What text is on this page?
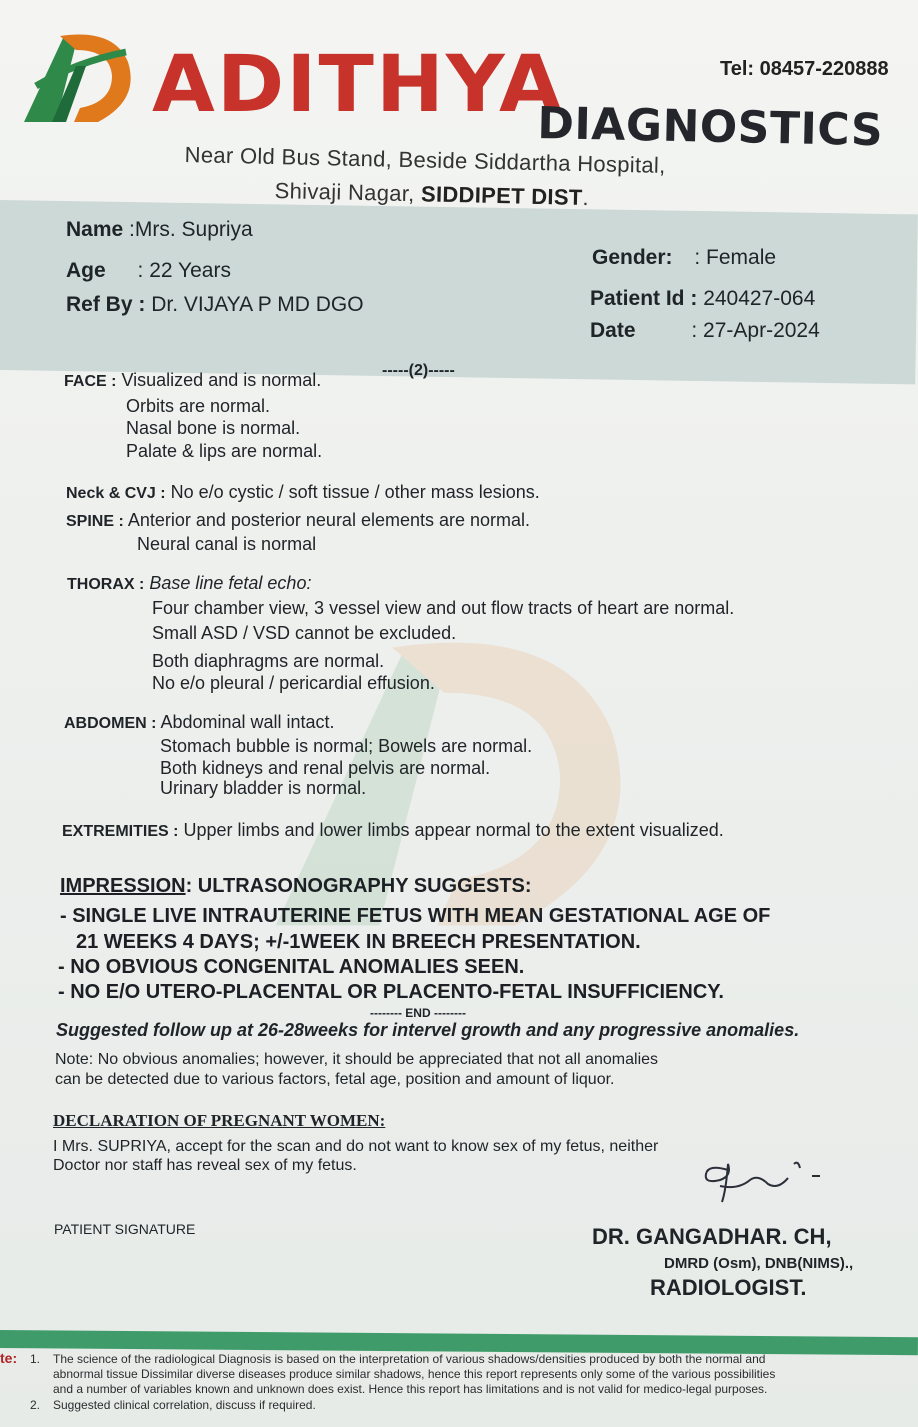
ADITHYA
DIAGNOSTICS
Tel: 08457-220888
Near Old Bus Stand, Beside Siddartha Hospital,
Shivaji Nagar, SIDDIPET DIST.
Name :Mrs. Supriya
Age : 22 Years
Ref By : Dr. VIJAYA P MD DGO
Gender: : Female
Patient Id : 240427-064
Date	: 27-Apr-2024
-----(2)-----
FACE : Visualized and is normal.
Orbits are normal.
Nasal bone is normal.
Palate & lips are normal.
Neck & CVJ : No e/o cystic / soft tissue / other mass lesions.
SPINE : Anterior and posterior neural elements are normal.
Neural canal is normal
THORAX : Base line fetal echo:
Four chamber view, 3 vessel view and out flow tracts of heart are normal.
Small ASD / VSD cannot be excluded.
Both diaphragms are normal.
No e/o pleural / pericardial effusion.
ABDOMEN : Abdominal wall intact.
Stomach bubble is normal; Bowels are normal.
Both kidneys and renal pelvis are normal.
Urinary bladder is normal.
EXTREMITIES : Upper limbs and lower limbs appear normal to the extent visualized.
IMPRESSION: ULTRASONOGRAPHY SUGGESTS:
- SINGLE LIVE INTRAUTERINE FETUS WITH MEAN GESTATIONAL AGE OF
21 WEEKS 4 DAYS; +/-1WEEK IN BREECH PRESENTATION.
- NO OBVIOUS CONGENITAL ANOMALIES SEEN.
- NO E/O UTERO-PLACENTAL OR PLACENTO-FETAL INSUFFICIENCY.
-------- END --------
Suggested follow up at 26-28weeks for intervel growth and any progressive anomalies.
Note: No obvious anomalies; however, it should be appreciated that not all anomalies
can be detected due to various factors, fetal age, position and amount of liquor.
DECLARATION OF PREGNANT WOMEN:
I Mrs. SUPRIYA, accept for the scan and do not want to know sex of my fetus, neither
Doctor nor staff has reveal sex of my fetus.
PATIENT SIGNATURE	DR. GANGADHAR. CH,
DMRD (Osm), DNB(NIMS).,
RADIOLOGIST.
te: 1. The science of the radiological Diagnosis is based on the interpretation of various shadows/densities produced by both the normal and
abnormal tissue Dissimilar diverse diseases produce similar shadows, hence this report represents only some of the various possibilities
and a number of variables known and unknown does exist. Hence this report has limitations and is not valid for medico-legal purposes.
2. Suggested clinical correlation, discuss if required.
